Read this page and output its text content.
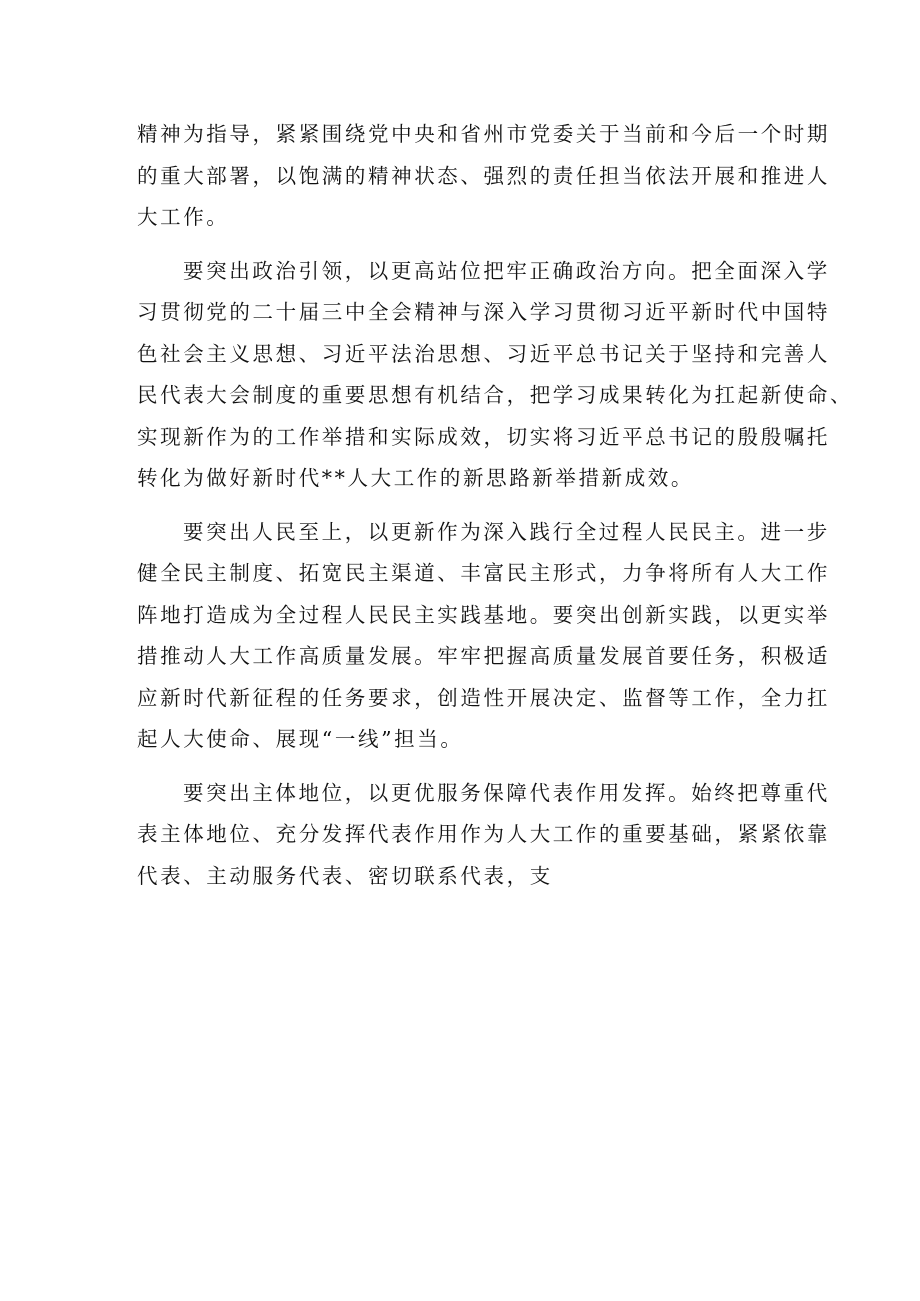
精神为指导，紧紧围绕党中央和省州市党委关于当前和今后一个时期
的重大部署，以饱满的精神状态、强烈的责任担当依法开展和推进人
大工作。
要突出政治引领，以更高站位把牢正确政治方向。把全面深入学
习贯彻党的二十届三中全会精神与深入学习贯彻习近平新时代中国特
色社会主义思想、习近平法治思想、习近平总书记关于坚持和完善人
民代表大会制度的重要思想有机结合，把学习成果转化为扛起新使命、
实现新作为的工作举措和实际成效，切实将习近平总书记的殷殷嘱托
转化为做好新时代**人大工作的新思路新举措新成效。
要突出人民至上，以更新作为深入践行全过程人民民主。进一步
健全民主制度、拓宽民主渠道、丰富民主形式，力争将所有人大工作
阵地打造成为全过程人民民主实践基地。要突出创新实践，以更实举
措推动人大工作高质量发展。牢牢把握高质量发展首要任务，积极适
应新时代新征程的任务要求，创造性开展决定、监督等工作，全力扛
起人大使命、展现“一线”担当。
要突出主体地位，以更优服务保障代表作用发挥。始终把尊重代
表主体地位、充分发挥代表作用作为人大工作的重要基础，紧紧依靠
代表、主动服务代表、密切联系代表，支
